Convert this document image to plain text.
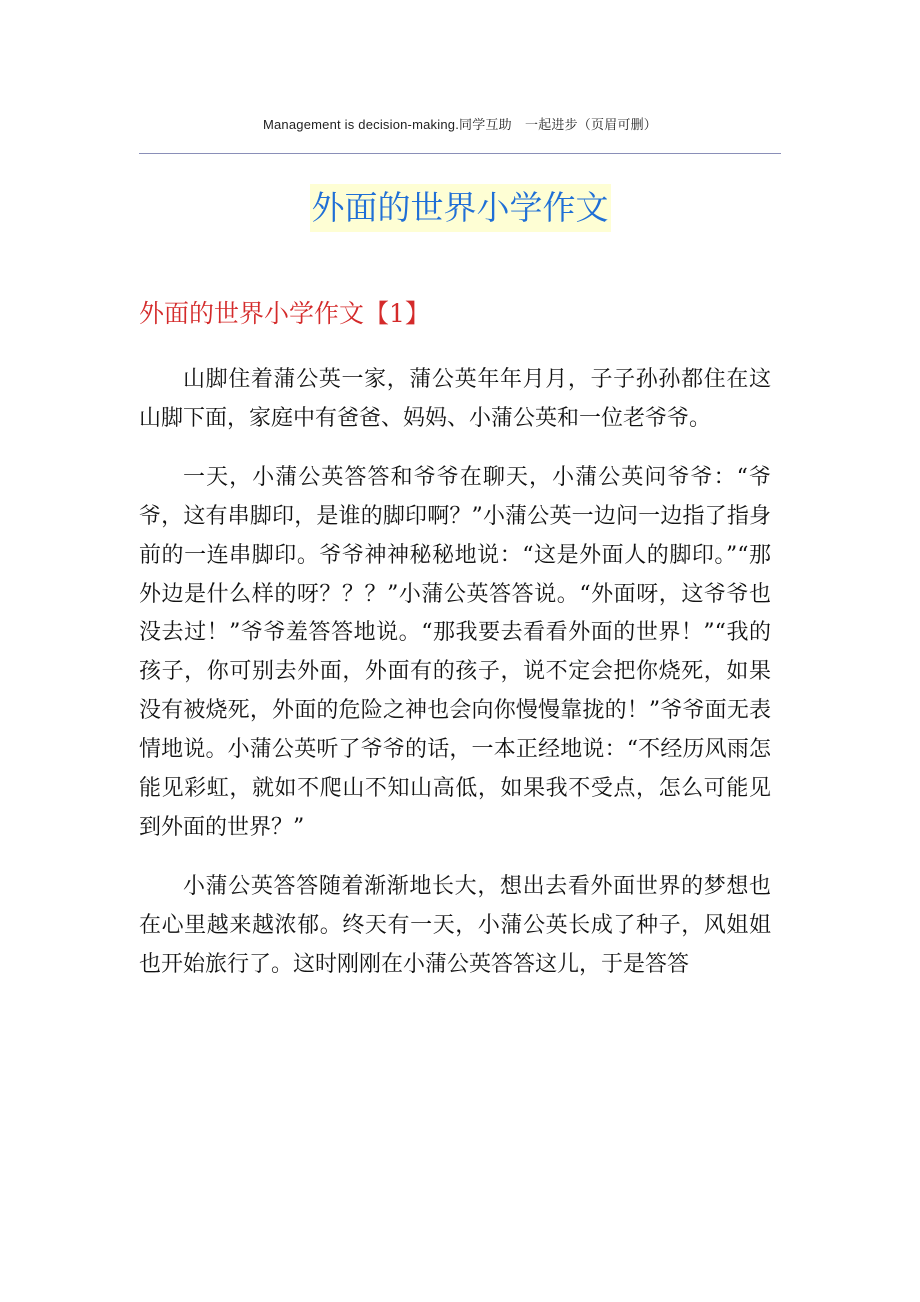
Management is decision-making.同学互助　一起进步（页眉可删）
外面的世界小学作文
外面的世界小学作文【1】

山脚住着蒲公英一家，蒲公英年年月月，子子孙孙都住在这山脚下面，家庭中有爸爸、妈妈、小蒲公英和一位老爷爷。

一天，小蒲公英答答和爷爷在聊天，小蒲公英问爷爷：“爷爷，这有串脚印，是谁的脚印啊？”小蒲公英一边问一边指了指身前的一连串脚印。爷爷神神秘秘地说：“这是外面人的脚印。”“那外边是什么样的呀？？？”小蒲公英答答说。“外面呀，这爷爷也没去过！”爷爷羞答答地说。“那我要去看看外面的世界！”“我的孩子，你可别去外面，外面有的孩子，说不定会把你烧死，如果没有被烧死，外面的危险之神也会向你慢慢靠拢的！”爷爷面无表情地说。小蒲公英听了爷爷的话，一本正经地说：“不经历风雨怎能见彩虹，就如不爬山不知山高低，如果我不受点，怎么可能见到外面的世界？”

小蒲公英答答随着渐渐地长大，想出去看外面世界的梦想也在心里越来越浓郁。终天有一天，小蒲公英长成了种子，风姐姐也开始旅行了。这时刚刚在小蒲公英答答这儿，于是答答
